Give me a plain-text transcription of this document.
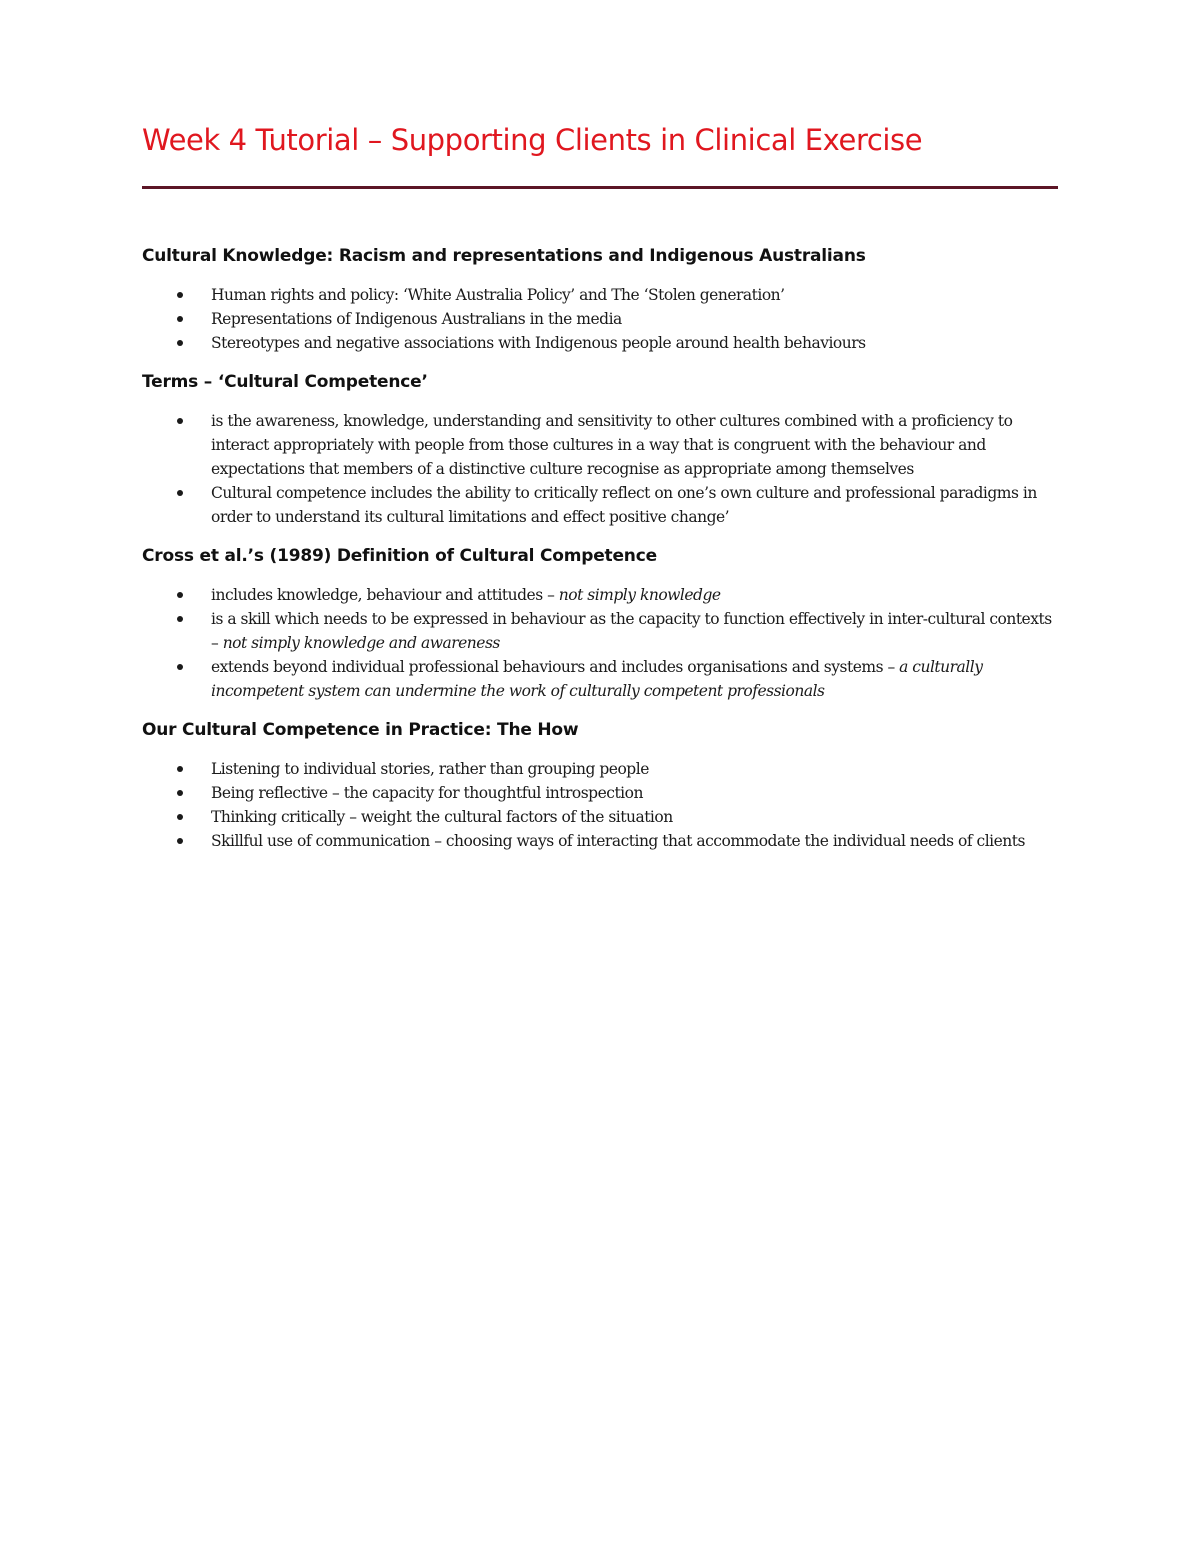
Week 4 Tutorial – Supporting Clients in Clinical Exercise
Cultural Knowledge: Racism and representations and Indigenous Australians
Human rights and policy: ‘White Australia Policy’ and The ‘Stolen generation’
Representations of Indigenous Australians in the media
Stereotypes and negative associations with Indigenous people around health behaviours
Terms – ‘Cultural Competence’
is the awareness, knowledge, understanding and sensitivity to other cultures combined with a proficiency to interact appropriately with people from those cultures in a way that is congruent with the behaviour and expectations that members of a distinctive culture recognise as appropriate among themselves
Cultural competence includes the ability to critically reflect on one’s own culture and professional paradigms in order to understand its cultural limitations and effect positive change’
Cross et al.’s (1989) Definition of Cultural Competence
includes knowledge, behaviour and attitudes – not simply knowledge
is a skill which needs to be expressed in behaviour as the capacity to function effectively in inter-cultural contexts – not simply knowledge and awareness
extends beyond individual professional behaviours and includes organisations and systems – a culturally incompetent system can undermine the work of culturally competent professionals
Our Cultural Competence in Practice: The How
Listening to individual stories, rather than grouping people
Being reflective – the capacity for thoughtful introspection
Thinking critically – weight the cultural factors of the situation
Skillful use of communication – choosing ways of interacting that accommodate the individual needs of clients
